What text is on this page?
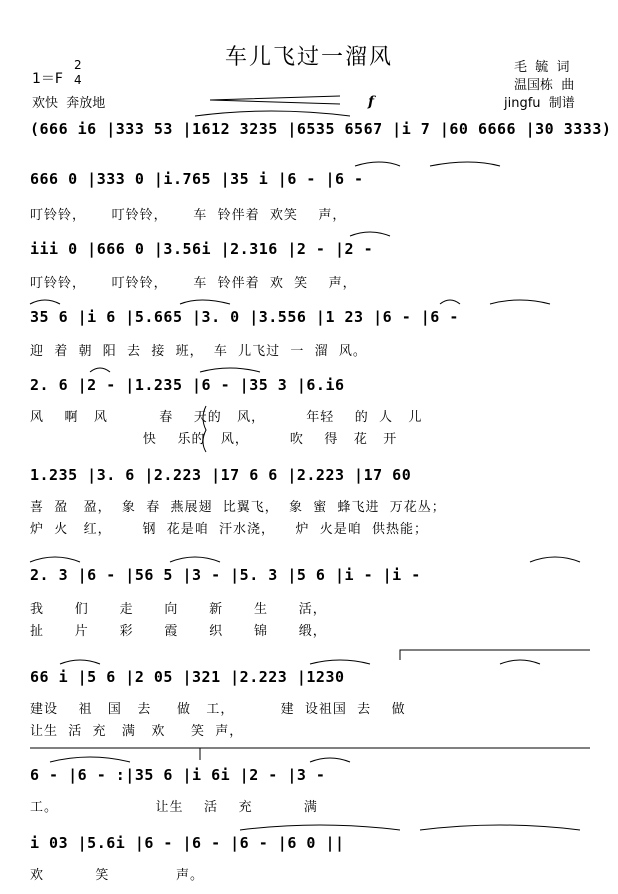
车儿飞过一溜风	毛  毓  词
温国栋  曲
jingfu  制谱
1＝F
2
4
欢快  奔放地	f
(666 i6 |333 53 |1612 3235 |6535 6567 |i 7 |60 6666 |30 3333)
666 0 |333 0 |i.765 |35 i |6 - |6 -
叮铃铃，     叮铃铃，     车  铃伴着  欢笑    声，
iii 0 |666 0 |3.56i |2.316 |2 - |2 -
叮铃铃，     叮铃铃，     车  铃伴着  欢  笑    声，
35 6 |i 6 |5.665 |3. 0 |3.556 |1 23 |6 - |6 -
迎  着  朝  阳  去  接  班，  车  儿飞过  一  溜  风。
2. 6 |2 - |1.235 |6 - |35 3 |6.i6
风    啊   风          春    天的   风，        年轻    的  人   儿
快    乐的   风，        吹    得   花   开
1.235 |3. 6 |2.223 |17 6 6 |2.223 |17 60
喜  盈   盈，  象  春  燕展翅  比翼飞，  象  蜜  蜂飞进  万花丛；
炉  火   红，      钢  花是咱  汗水浇，    炉  火是咱  供热能；
2. 3 |6 - |56 5 |3 - |5. 3 |5 6 |i - |i -
我      们      走      向      新      生      活，
扯      片      彩      霞      织      锦      缎，
66 i |5 6 |2 05 |321 |2.223 |1230
建设    祖   国   去     做   工，         建  设祖国  去    做
让生  活  充   满   欢     笑  声，
6 - |6 - :|35 6 |i 6i |2 - |3 -
工。                   让生    活    充          满
i 03 |5.6i |6 - |6 - |6 - |6 0 ||
欢          笑             声。
